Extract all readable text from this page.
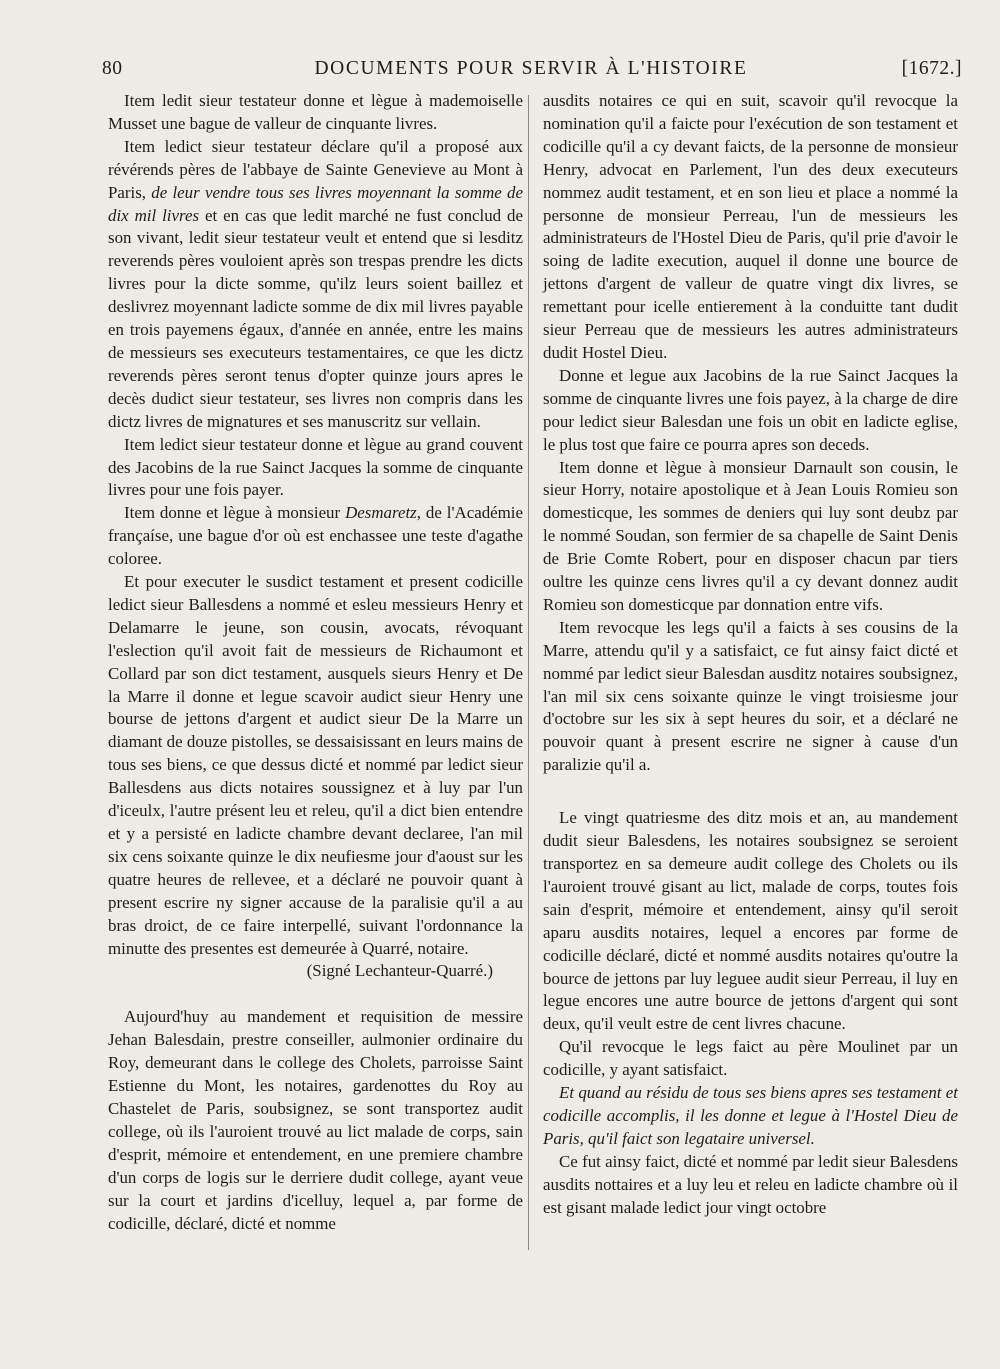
80	DOCUMENTS POUR SERVIR À L'HISTOIRE	[1672.]

Item ledit sieur testateur donne et lègue à mademoiselle Musset une bague de valleur de cinquante livres.

Item ledict sieur testateur déclare qu'il a proposé aux révérends pères de l'abbaye de Sainte Genevieve au Mont à Paris, de leur vendre tous ses livres moyennant la somme de dix mil livres et en cas que ledit marché ne fust conclud de son vivant, ledit sieur testateur veult et entend que si lesditz reverends pères vouloient après son trespas prendre les dicts livres pour la dicte somme, qu'ilz leurs soient baillez et deslivrez moyennant ladicte somme de dix mil livres payable en trois payemens égaux, d'année en année, entre les mains de messieurs ses executeurs testamentaires, ce que les dictz reverends pères seront tenus d'opter quinze jours apres le decès dudict sieur testateur, ses livres non compris dans les dictz livres de mignatures et ses manuscritz sur vellain.

Item ledict sieur testateur donne et lègue au grand couvent des Jacobins de la rue Sainct Jacques la somme de cinquante livres pour une fois payer.

Item donne et lègue à monsieur Desmaretz, de l'Académie françaíse, une bague d'or où est enchassee une teste d'agathe coloree.

Et pour executer le susdict testament et present codicille ledict sieur Ballesdens a nommé et esleu messieurs Henry et Delamarre le jeune, son cousin, avocats, révoquant l'eslection qu'il avoit fait de messieurs de Richaumont et Collard par son dict testament, ausquels sieurs Henry et De la Marre il donne et legue scavoir audict sieur Henry une bourse de jettons d'argent et audict sieur De la Marre un diamant de douze pistolles, se dessaisissant en leurs mains de tous ses biens, ce que dessus dicté et nommé par ledict sieur Ballesdens aus dicts notaires soussignez et à luy par l'un d'iceulx, l'autre présent leu et releu, qu'il a dict bien entendre et y a persisté en ladicte chambre devant declaree, l'an mil six cens soixante quinze le dix neufiesme jour d'aoust sur les quatre heures de rellevee, et a déclaré ne pouvoir quant à present escrire ny signer accause de la paralisie qu'il a au bras droict, de ce faire interpellé, suivant l'ordonnance la minutte des presentes est demeurée à Quarré, notaire.

(Signé Lechanteur-Quarré.)

Aujourd'huy au mandement et requisition de messire Jehan Balesdain, prestre conseiller, aulmonier ordinaire du Roy, demeurant dans le college des Cholets, parroisse Saint Estienne du Mont, les notaires, gardenottes du Roy au Chastelet de Paris, soubsignez, se sont transportez audit college, où ils l'auroient trouvé au lict malade de corps, sain d'esprit, mémoire et entendement, en une premiere chambre d'un corps de logis sur le derriere dudit college, ayant veue sur la court et jardins d'icelluy, lequel a, par forme de codicille, déclaré, dicté et nomme

ausdits notaires ce qui en suit, scavoir qu'il revocque la nomination qu'il a faicte pour l'exécution de son testament et codicille qu'il a cy devant faicts, de la personne de monsieur Henry, advocat en Parlement, l'un des deux executeurs nommez audit testament, et en son lieu et place a nommé la personne de monsieur Perreau, l'un de messieurs les administrateurs de l'Hostel Dieu de Paris, qu'il prie d'avoir le soing de ladite execution, auquel il donne une bource de jettons d'argent de valleur de quatre vingt dix livres, se remettant pour icelle entierement à la conduitte tant dudit sieur Perreau que de messieurs les autres administrateurs dudit Hostel Dieu.

Donne et legue aux Jacobins de la rue Sainct Jacques la somme de cinquante livres une fois payez, à la charge de dire pour ledict sieur Balesdan une fois un obit en ladicte eglise, le plus tost que faire ce pourra apres son deceds.

Item donne et lègue à monsieur Darnault son cousin, le sieur Horry, notaire apostolique et à Jean Louis Romieu son domesticque, les sommes de deniers qui luy sont deubz par le nommé Soudan, son fermier de sa chapelle de Saint Denis de Brie Comte Robert, pour en disposer chacun par tiers oultre les quinze cens livres qu'il a cy devant donnez audit Romieu son domesticque par donnation entre vifs.

Item revocque les legs qu'il a faicts à ses cousins de la Marre, attendu qu'il y a satisfaict, ce fut ainsy faict dicté et nommé par ledict sieur Balesdan ausditz notaires soubsignez, l'an mil six cens soixante quinze le vingt troisiesme jour d'octobre sur les six à sept heures du soir, et a déclaré ne pouvoir quant à present escrire ne signer à cause d'un paralizie qu'il a.

Le vingt quatriesme des ditz mois et an, au mandement dudit sieur Balesdens, les notaires soubsignez se seroient transportez en sa demeure audit college des Cholets ou ils l'auroient trouvé gisant au lict, malade de corps, toutes fois sain d'esprit, mémoire et entendement, ainsy qu'il seroit aparu ausdits notaires, lequel a encores par forme de codicille déclaré, dicté et nommé ausdits notaires qu'outre la bource de jettons par luy leguee audit sieur Perreau, il luy en legue encores une autre bource de jettons d'argent qui sont deux, qu'il veult estre de cent livres chacune.

Qu'il revocque le legs faict au père Moulinet par un codicille, y ayant satisfaict.

Et quand au résidu de tous ses biens apres ses testament et codicille accomplis, il les donne et legue à l'Hostel Dieu de Paris, qu'il faict son legataire universel.

Ce fut ainsy faict, dicté et nommé par ledit sieur Balesdens ausdits nottaires et a luy leu et releu en ladicte chambre où il est gisant malade ledict jour vingt octobre
